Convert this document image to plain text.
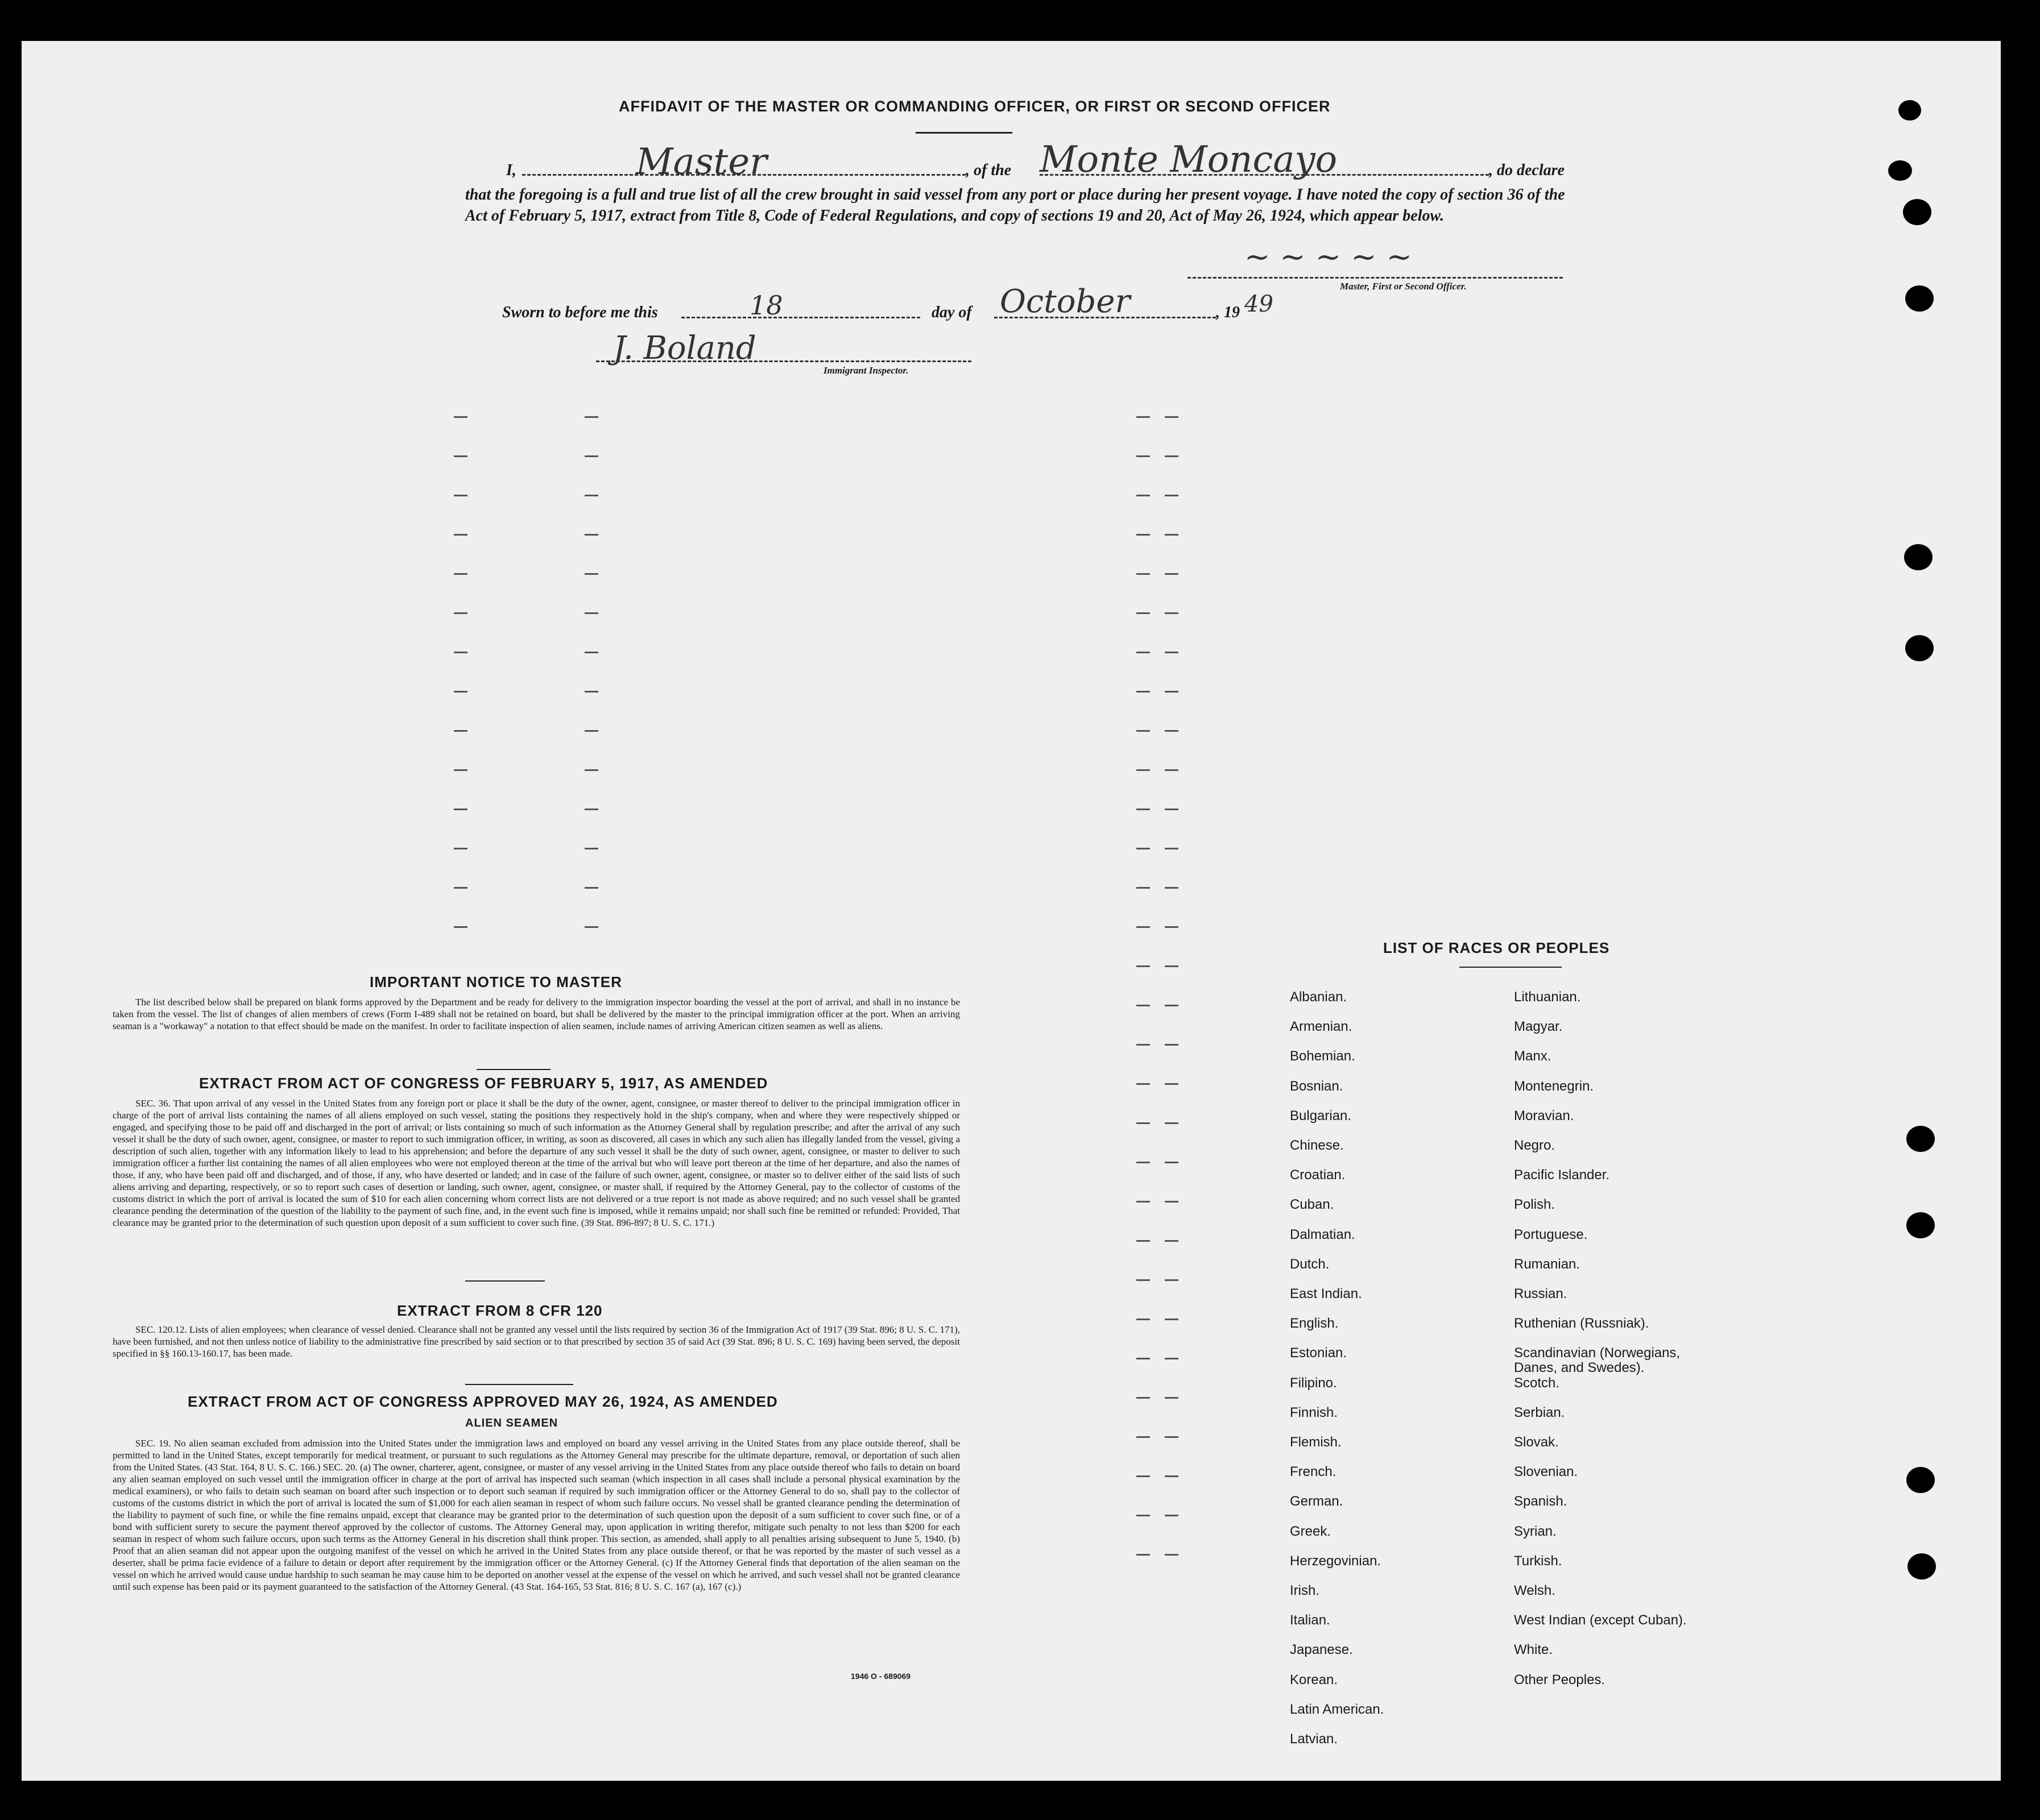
AFFIDAVIT OF THE MASTER OR COMMANDING OFFICER, OR FIRST OR SECOND OFFICER
I,	Master	, of the Monte Moncayo	, do declare
that the foregoing is a full and true list of all the crew brought in said vessel from any port or place during her present voyage. I have noted the copy of section 36 of the Act of February 5, 1917, extract from Title 8, Code of Federal Regulations, and copy of sections 19 and 20, Act of May 26, 1924, which appear below.
~ ~ ~ ~ ~
Master, First or Second Officer.
Sworn to before me this	18	day of October	, 19 49
J. Boland
Immigrant Inspector.
IMPORTANT NOTICE TO MASTER
The list described below shall be prepared on blank forms approved by the Department and be ready for delivery to the immigration inspector boarding the vessel at the port of arrival, and shall in no instance be taken from the vessel. The list of changes of alien members of crews (Form I-489 shall not be retained on board, but shall be delivered by the master to the principal immigration officer at the port. When an arriving seaman is a "workaway" a notation to that effect should be made on the manifest. In order to facilitate inspection of alien seamen, include names of arriving American citizen seamen as well as aliens.
EXTRACT FROM ACT OF CONGRESS OF FEBRUARY 5, 1917, AS AMENDED
SEC. 36. That upon arrival of any vessel in the United States from any foreign port or place it shall be the duty of the owner, agent, consignee, or master thereof to deliver to the principal immigration officer in charge of the port of arrival lists containing the names of all aliens employed on such vessel, stating the positions they respectively hold in the ship's company, when and where they were respectively shipped or engaged, and specifying those to be paid off and discharged in the port of arrival; or lists containing so much of such information as the Attorney General shall by regulation prescribe; and after the arrival of any such vessel it shall be the duty of such owner, agent, consignee, or master to report to such immigration officer, in writing, as soon as discovered, all cases in which any such alien has illegally landed from the vessel, giving a description of such alien, together with any information likely to lead to his apprehension; and before the departure of any such vessel it shall be the duty of such owner, agent, consignee, or master to deliver to such immigration officer a further list containing the names of all alien employees who were not employed thereon at the time of the arrival but who will leave port thereon at the time of her departure, and also the names of those, if any, who have been paid off and discharged, and of those, if any, who have deserted or landed; and in case of the failure of such owner, agent, consignee, or master so to deliver either of the said lists of such aliens arriving and departing, respectively, or so to report such cases of desertion or landing, such owner, agent, consignee, or master shall, if required by the Attorney General, pay to the collector of customs of the customs district in which the port of arrival is located the sum of $10 for each alien concerning whom correct lists are not delivered or a true report is not made as above required; and no such vessel shall be granted clearance pending the determination of the question of the liability to the payment of such fine, and, in the event such fine is imposed, while it remains unpaid; nor shall such fine be remitted or refunded: Provided, That clearance may be granted prior to the determination of such question upon deposit of a sum sufficient to cover such fine. (39 Stat. 896-897; 8 U. S. C. 171.)
EXTRACT FROM 8 CFR 120
SEC. 120.12. Lists of alien employees; when clearance of vessel denied. Clearance shall not be granted any vessel until the lists required by section 36 of the Immigration Act of 1917 (39 Stat. 896; 8 U. S. C. 171), have been furnished, and not then unless notice of liability to the administrative fine prescribed by said section or to that prescribed by section 35 of said Act (39 Stat. 896; 8 U. S. C. 169) having been served, the deposit specified in §§ 160.13-160.17, has been made.
EXTRACT FROM ACT OF CONGRESS APPROVED MAY 26, 1924, AS AMENDED
ALIEN SEAMEN
SEC. 19. No alien seaman excluded from admission into the United States under the immigration laws and employed on board any vessel arriving in the United States from any place outside thereof, shall be permitted to land in the United States, except temporarily for medical treatment, or pursuant to such regulations as the Attorney General may prescribe for the ultimate departure, removal, or deportation of such alien from the United States. (43 Stat. 164, 8 U. S. C. 166.) SEC. 20. (a) The owner, charterer, agent, consignee, or master of any vessel arriving in the United States from any place outside thereof who fails to detain on board any alien seaman employed on such vessel until the immigration officer in charge at the port of arrival has inspected such seaman (which inspection in all cases shall include a personal physical examination by the medical examiners), or who fails to detain such seaman on board after such inspection or to deport such seaman if required by such immigration officer or the Attorney General to do so, shall pay to the collector of customs of the customs district in which the port of arrival is located the sum of $1,000 for each alien seaman in respect of whom such failure occurs. No vessel shall be granted clearance pending the determination of the liability to payment of such fine, or while the fine remains unpaid, except that clearance may be granted prior to the determination of such question upon the deposit of a sum sufficient to cover such fine, or of a bond with sufficient surety to secure the payment thereof approved by the collector of customs. The Attorney General may, upon application in writing therefor, mitigate such penalty to not less than $200 for each seaman in respect of whom such failure occurs, upon such terms as the Attorney General in his discretion shall think proper. This section, as amended, shall apply to all penalties arising subsequent to June 5, 1940. (b) Proof that an alien seaman did not appear upon the outgoing manifest of the vessel on which he arrived in the United States from any place outside thereof, or that he was reported by the master of such vessel as a deserter, shall be prima facie evidence of a failure to detain or deport after requirement by the immigration officer or the Attorney General. (c) If the Attorney General finds that deportation of the alien seaman on the vessel on which he arrived would cause undue hardship to such seaman he may cause him to be deported on another vessel at the expense of the vessel on which he arrived, and such vessel shall not be granted clearance until such expense has been paid or its payment guaranteed to the satisfaction of the Attorney General. (43 Stat. 164-165, 53 Stat. 816; 8 U. S. C. 167 (a), 167 (c).)
1946 O - 689069
LIST OF RACES OR PEOPLES
Albanian.
Armenian.
Bohemian.
Bosnian.
Bulgarian.
Chinese.
Croatian.
Cuban.
Dalmatian.
Dutch.
East Indian.
English.
Estonian.
Filipino.
Finnish.
Flemish.
French.
German.
Greek.
Herzegovinian.
Irish.
Italian.
Japanese.
Korean.
Latin American.
Latvian.
Lithuanian.
Magyar.
Manx.
Montenegrin.
Moravian.
Negro.
Pacific Islander.
Polish.
Portuguese.
Rumanian.
Russian.
Ruthenian (Russniak).
Scandinavian (Norwegians,
Danes, and Swedes).
Scotch.
Serbian.
Slovak.
Slovenian.
Spanish.
Syrian.
Turkish.
Welsh.
West Indian (except Cuban).
White.
Other Peoples.
